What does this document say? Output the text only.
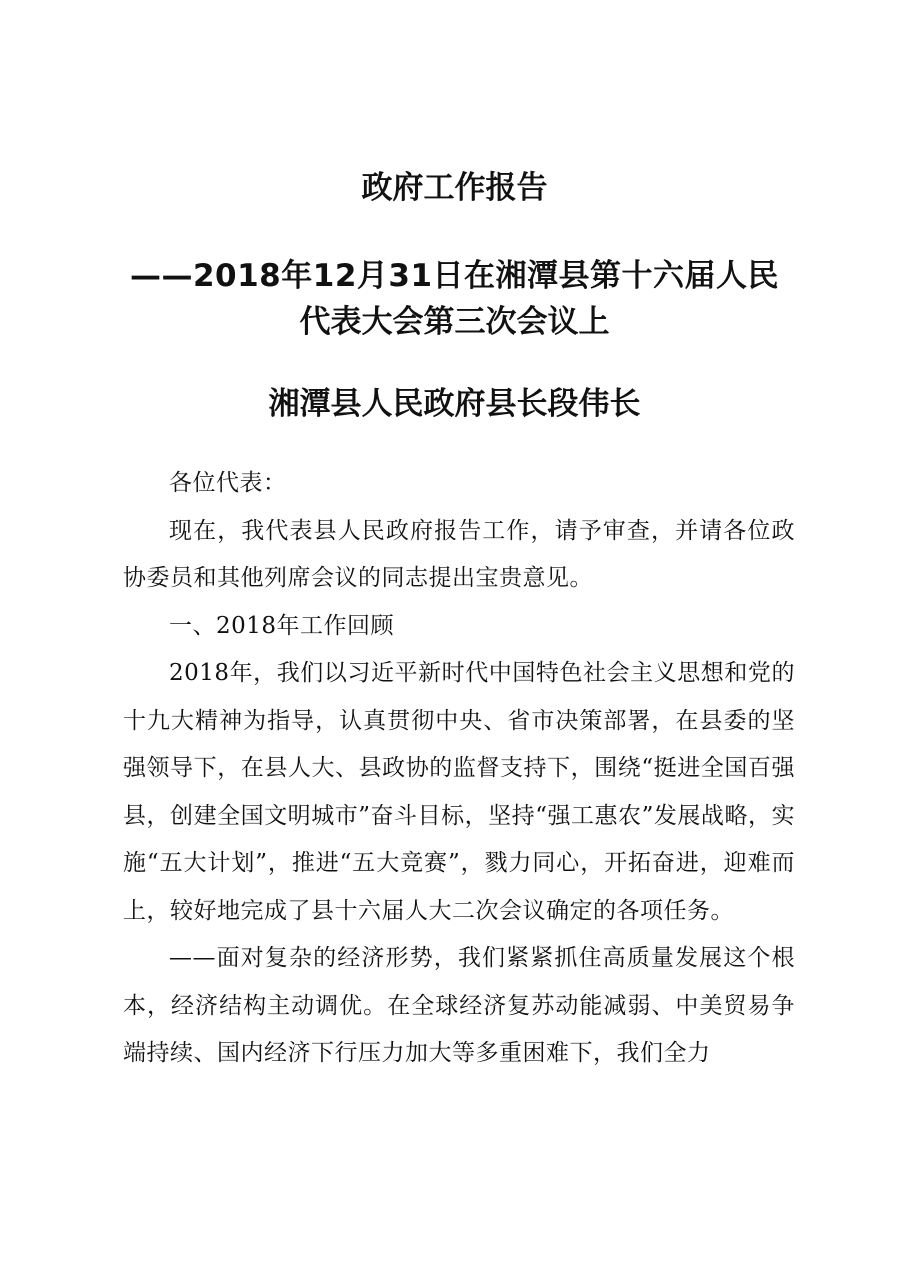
政府工作报告
——2018年12月31日在湘潭县第十六届人民
代表大会第三次会议上
湘潭县人民政府县长段伟长

各位代表：

现在，我代表县人民政府报告工作，请予审查，并请各位政协委员和其他列席会议的同志提出宝贵意见。

一、2018年工作回顾

2018年，我们以习近平新时代中国特色社会主义思想和党的十九大精神为指导，认真贯彻中央、省市决策部署，在县委的坚强领导下，在县人大、县政协的监督支持下，围绕“挺进全国百强县，创建全国文明城市”奋斗目标，坚持“强工惠农”发展战略，实施“五大计划”，推进“五大竞赛”，戮力同心，开拓奋进，迎难而上，较好地完成了县十六届人大二次会议确定的各项任务。

——面对复杂的经济形势，我们紧紧抓住高质量发展这个根本，经济结构主动调优。在全球经济复苏动能减弱、中美贸易争端持续、国内经济下行压力加大等多重困难下，我们全力
